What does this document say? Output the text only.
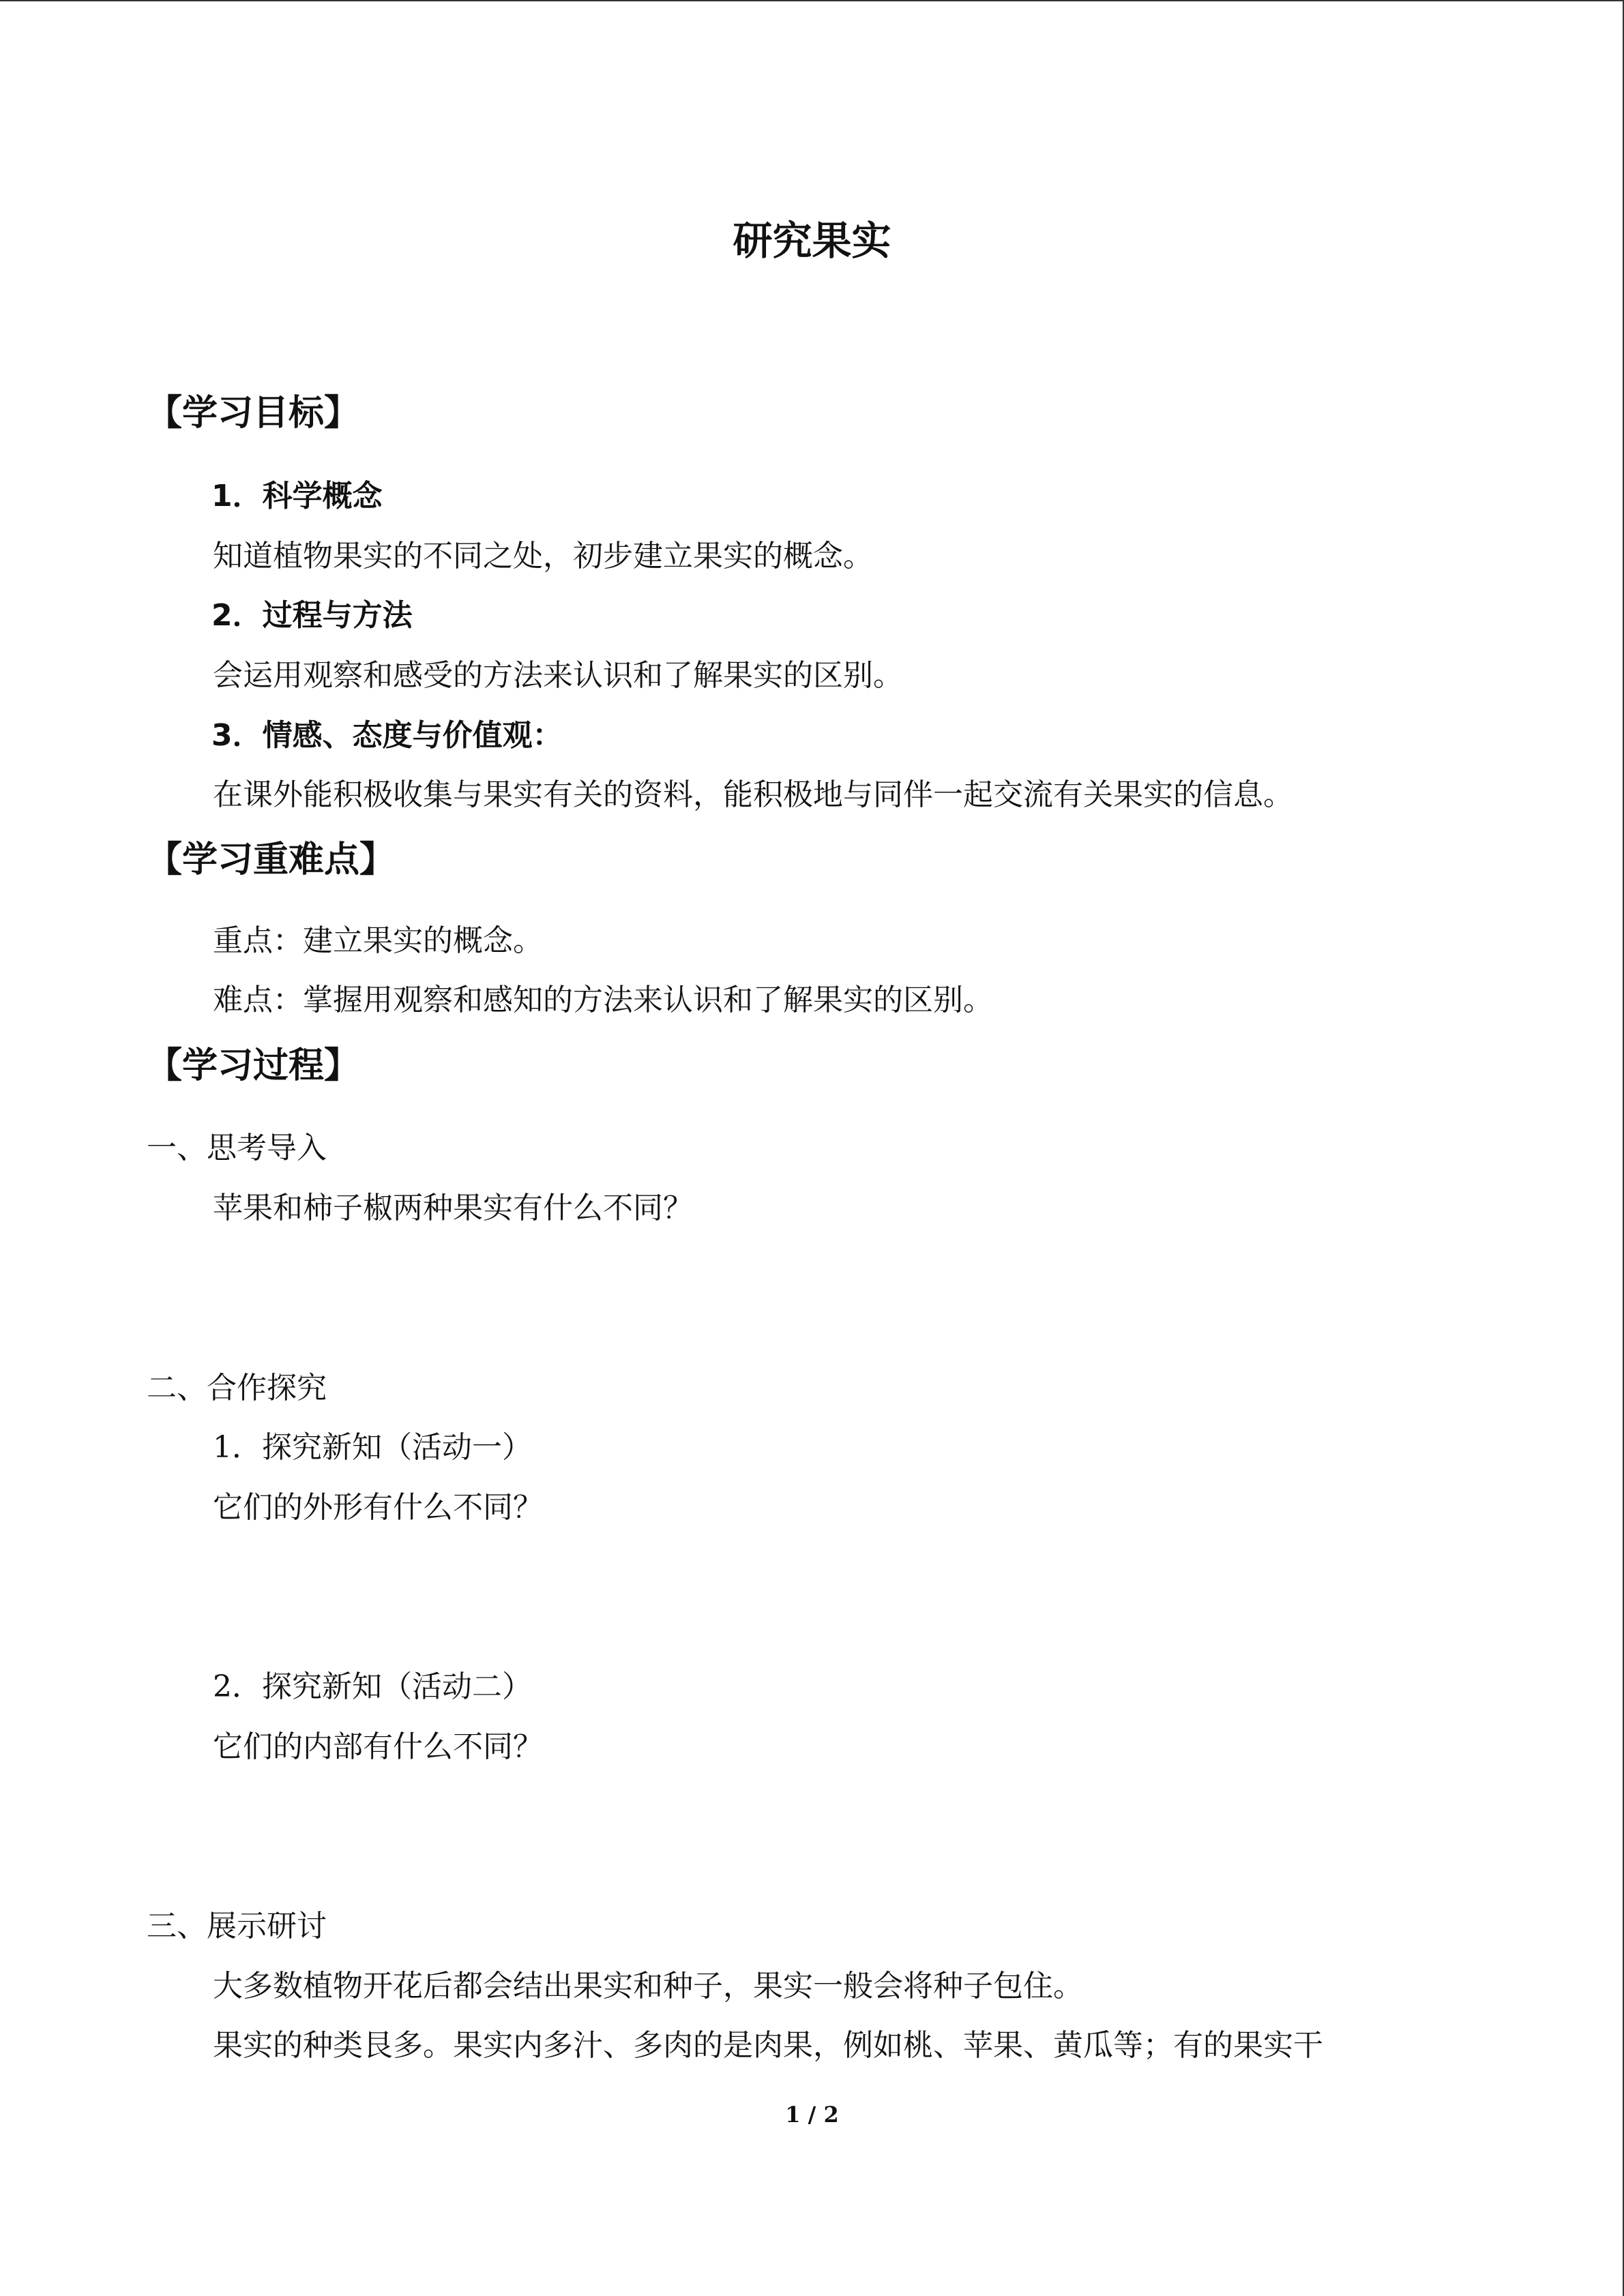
研究果实
【学习目标】
1．科学概念
知道植物果实的不同之处，初步建立果实的概念。
2．过程与方法
会运用观察和感受的方法来认识和了解果实的区别。
3．情感、态度与价值观：
在课外能积极收集与果实有关的资料，能积极地与同伴一起交流有关果实的信息。
【学习重难点】
重点：建立果实的概念。
难点：掌握用观察和感知的方法来认识和了解果实的区别。
【学习过程】
一、思考导入
苹果和柿子椒两种果实有什么不同？
二、合作探究
1．探究新知（活动一）
它们的外形有什么不同？
2．探究新知（活动二）
它们的内部有什么不同？
三、展示研讨
大多数植物开花后都会结出果实和种子，果实一般会将种子包住。
果实的种类艮多。果实内多汁、多肉的是肉果，例如桃、苹果、黄瓜等；有的果实干
1 / 2
